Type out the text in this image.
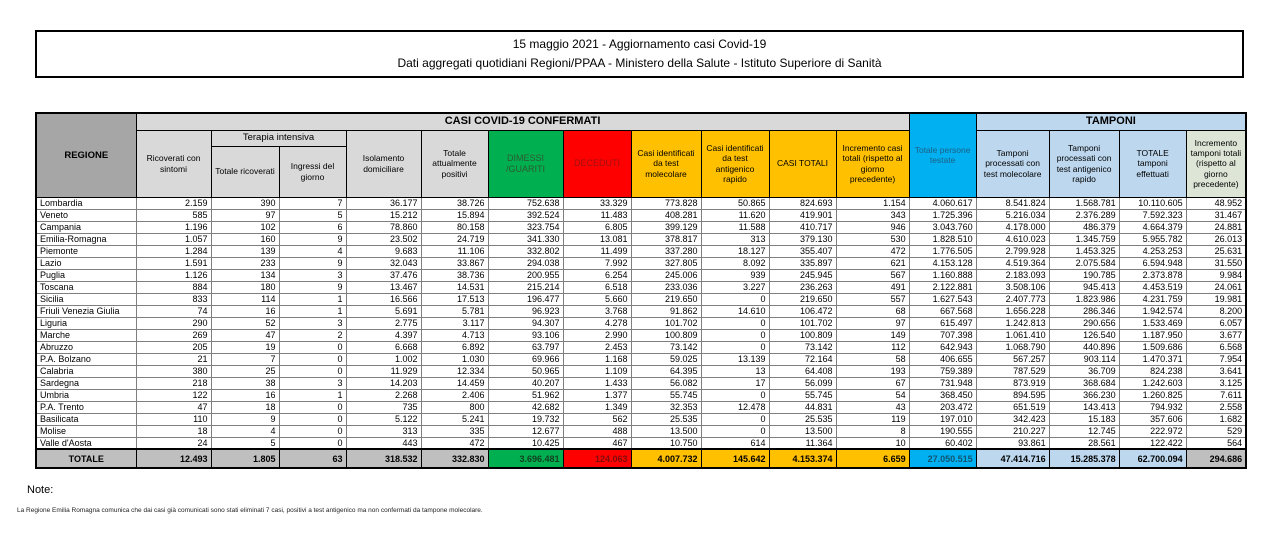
15 maggio 2021 - Aggiornamento casi Covid-19
Dati aggregati quotidiani Regioni/PPAA - Ministero della Salute - Istituto Superiore di Sanità
REGIONE	CASI COVID-19 CONFERMATI											Totale persone testate	TAMPONI			
	Ricoverati con sintomi	Terapia intensiva		Isolamento domiciliare	Totale attualmente positivi	DIMESSI /GUARITI	DECEDUTI	Casi identificati da test molecolare	Casi identificati da test antigenico rapido	CASI TOTALI	Incremento casi totali (rispetto al giorno precedente)		Tamponi processati con test molecolare	Tamponi processati con test antigenico rapido	TOTALE tamponi effettuati	Incremento tamponi totali (rispetto al giorno precedente)
		Totale ricoverati	Ingressi del giorno													
Lombardia	2.159	390	7	36.177	38.726	752.638	33.329	773.828	50.865	824.693	1.154	4.060.617	8.541.824	1.568.781	10.110.605	48.952
Veneto	585	97	5	15.212	15.894	392.524	11.483	408.281	11.620	419.901	343	1.725.396	5.216.034	2.376.289	7.592.323	31.467
Campania	1.196	102	6	78.860	80.158	323.754	6.805	399.129	11.588	410.717	946	3.043.760	4.178.000	486.379	4.664.379	24.881
Emilia-Romagna	1.057	160	9	23.502	24.719	341.330	13.081	378.817	313	379.130	530	1.828.510	4.610.023	1.345.759	5.955.782	26.013
Piemonte	1.284	139	4	9.683	11.106	332.802	11.499	337.280	18.127	355.407	472	1.776.505	2.799.928	1.453.325	4.253.253	25.631
Lazio	1.591	233	9	32.043	33.867	294.038	7.992	327.805	8.092	335.897	621	4.153.128	4.519.364	2.075.584	6.594.948	31.550
Puglia	1.126	134	3	37.476	38.736	200.955	6.254	245.006	939	245.945	567	1.160.888	2.183.093	190.785	2.373.878	9.984
Toscana	884	180	9	13.467	14.531	215.214	6.518	233.036	3.227	236.263	491	2.122.881	3.508.106	945.413	4.453.519	24.061
Sicilia	833	114	1	16.566	17.513	196.477	5.660	219.650	0	219.650	557	1.627.543	2.407.773	1.823.986	4.231.759	19.981
Friuli Venezia Giulia	74	16	1	5.691	5.781	96.923	3.768	91.862	14.610	106.472	68	667.568	1.656.228	286.346	1.942.574	8.200
Liguria	290	52	3	2.775	3.117	94.307	4.278	101.702	0	101.702	97	615.497	1.242.813	290.656	1.533.469	6.057
Marche	269	47	2	4.397	4.713	93.106	2.990	100.809	0	100.809	149	707.398	1.061.410	126.540	1.187.950	3.677
Abruzzo	205	19	0	6.668	6.892	63.797	2.453	73.142	0	73.142	112	642.943	1.068.790	440.896	1.509.686	6.568
P.A. Bolzano	21	7	0	1.002	1.030	69.966	1.168	59.025	13.139	72.164	58	406.655	567.257	903.114	1.470.371	7.954
Calabria	380	25	0	11.929	12.334	50.965	1.109	64.395	13	64.408	193	759.389	787.529	36.709	824.238	3.641
Sardegna	218	38	3	14.203	14.459	40.207	1.433	56.082	17	56.099	67	731.948	873.919	368.684	1.242.603	3.125
Umbria	122	16	1	2.268	2.406	51.962	1.377	55.745	0	55.745	54	368.450	894.595	366.230	1.260.825	7.611
P.A. Trento	47	18	0	735	800	42.682	1.349	32.353	12.478	44.831	43	203.472	651.519	143.413	794.932	2.558
Basilicata	110	9	0	5.122	5.241	19.732	562	25.535	0	25.535	119	197.010	342.423	15.183	357.606	1.682
Molise	18	4	0	313	335	12.677	488	13.500	0	13.500	8	190.555	210.227	12.745	222.972	529
Valle d'Aosta	24	5	0	443	472	10.425	467	10.750	614	11.364	10	60.402	93.861	28.561	122.422	564
TOTALE	12.493	1.805	63	318.532	332.830	3.696.481	124.063	4.007.732	145.642	4.153.374	6.659	27.050.515	47.414.716	15.285.378	62.700.094	294.686
Note:
La Regione Emilia Romagna comunica che dai casi già comunicati sono stati eliminati 7 casi, positivi a test antigenico ma non confermati da tampone molecolare.
